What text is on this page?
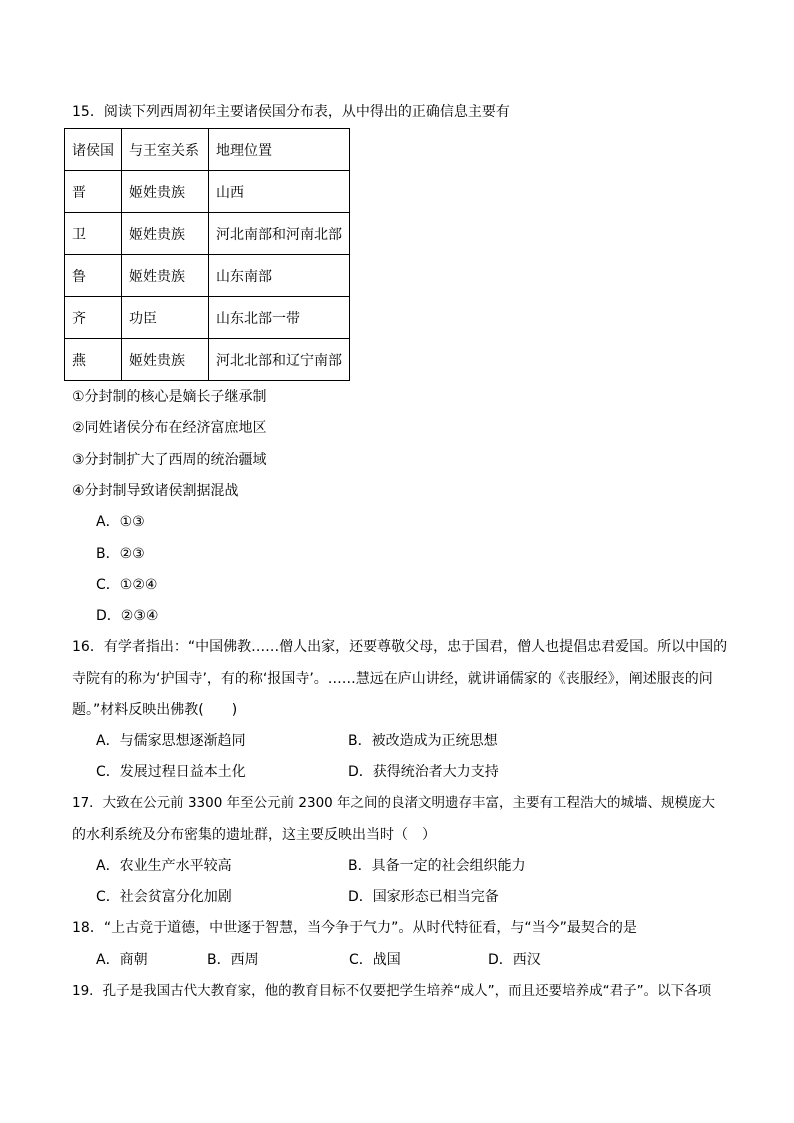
15．阅读下列西周初年主要诸侯国分布表，从中得出的正确信息主要有
诸侯国	与王室关系	地理位置
晋	姬姓贵族	山西
卫	姬姓贵族	河北南部和河南北部
鲁	姬姓贵族	山东南部
齐	功臣	山东北部一带
燕	姬姓贵族	河北北部和辽宁南部
①分封制的核心是嫡长子继承制
②同姓诸侯分布在经济富庶地区
③分封制扩大了西周的统治疆域
④分封制导致诸侯割据混战
A．①③
B．②③
C．①②④
D．②③④
16．有学者指出：“中国佛教……僧人出家，还要尊敬父母，忠于国君，僧人也提倡忠君爱国。所以中国的
寺院有的称为‘护国寺’，有的称‘报国寺’。……慧远在庐山讲经，就讲诵儒家的《丧服经》，阐述服丧的问
题。”材料反映出佛教(　　)
A．与儒家思想逐渐趋同	B．被改造成为正统思想
C．发展过程日益本土化	D．获得统治者大力支持
17．大致在公元前 3300 年至公元前 2300 年之间的良渚文明遗存丰富，主要有工程浩大的城墙、规模庞大
的水利系统及分布密集的遗址群，这主要反映出当时（　）
A．农业生产水平较高	B．具备一定的社会组织能力
C．社会贫富分化加剧	D．国家形态已相当完备
18．“上古竞于道德，中世逐于智慧，当今争于气力”。从时代特征看，与“当今”最契合的是
A．商朝	B．西周	C．战国	D．西汉
19．孔子是我国古代大教育家，他的教育目标不仅要把学生培养“成人”，而且还要培养成“君子”。以下各项
